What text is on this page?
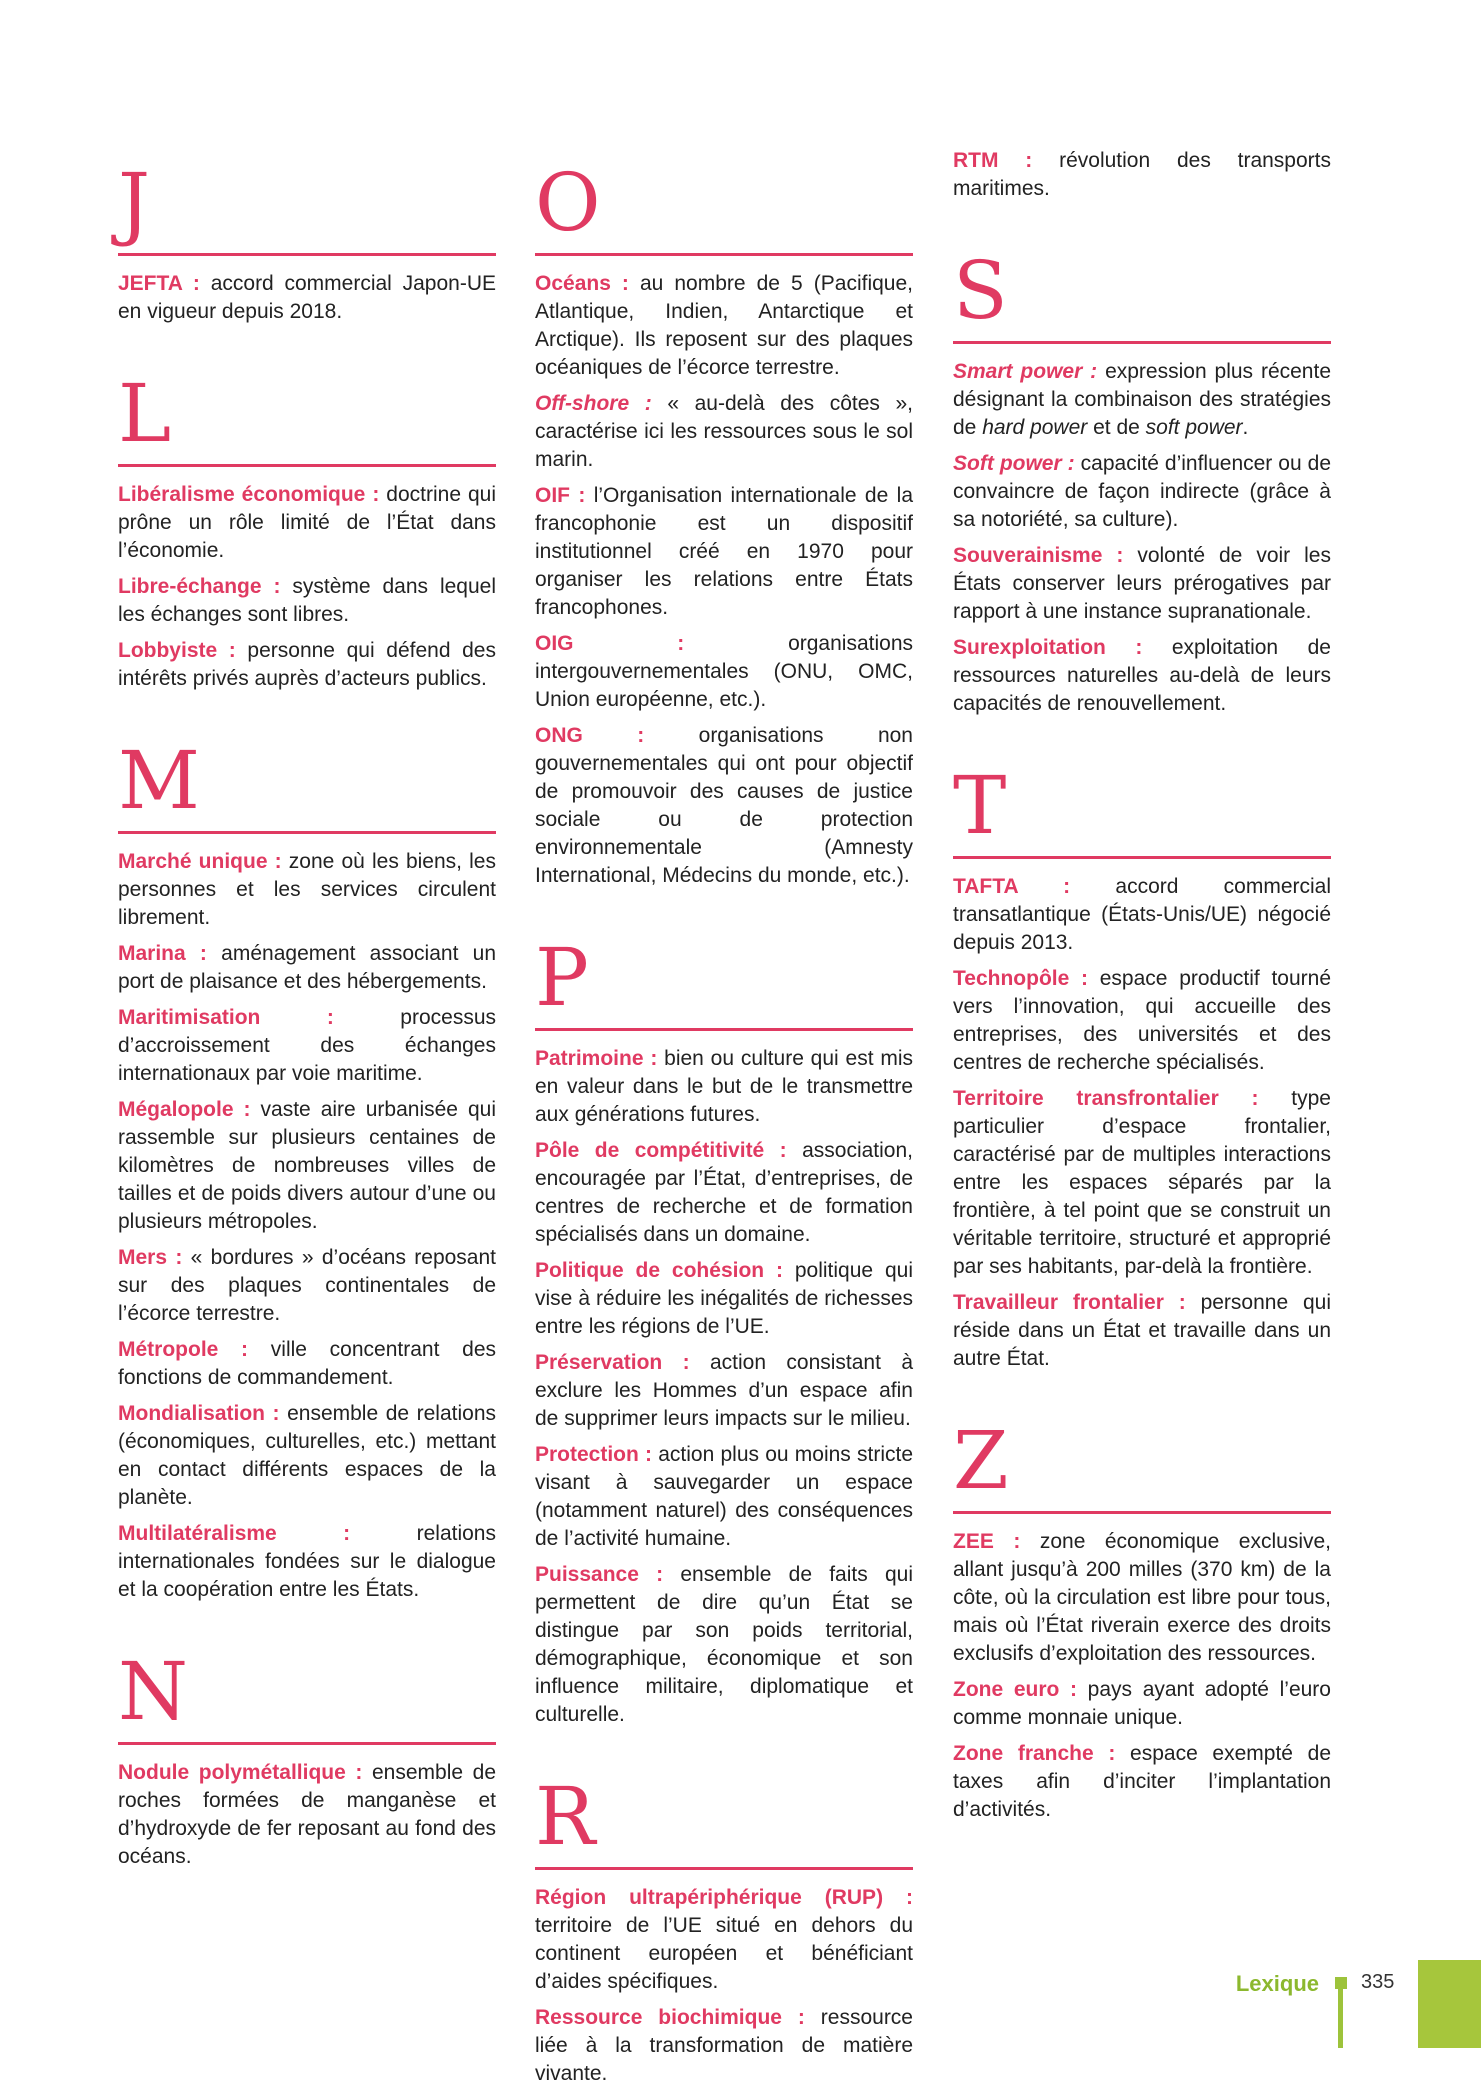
J

JEFTA : accord commercial Japon-UE en vigueur depuis 2018.

L

Libéralisme économique : doctrine qui prône un rôle limité de l’État dans l’économie.

Libre-échange : système dans lequel les échanges sont libres.

Lobbyiste : personne qui défend des intérêts privés auprès d’acteurs publics.

M

Marché unique : zone où les biens, les personnes et les services circulent librement.

Marina : aménagement associant un port de plaisance et des hébergements.

Maritimisation : processus d’accroissement des échanges internationaux par voie maritime.

Mégalopole : vaste aire urbanisée qui rassemble sur plusieurs centaines de kilomètres de nombreuses villes de tailles et de poids divers autour d’une ou plusieurs métropoles.

Mers : « bordures » d’océans reposant sur des plaques continentales de l’écorce terrestre.

Métropole : ville concentrant des fonctions de commandement.

Mondialisation : ensemble de relations (économiques, culturelles, etc.) mettant en contact différents espaces de la planète.

Multilatéralisme : relations internationales fondées sur le dialogue et la coopération entre les États.

N

Nodule polymétallique : ensemble de roches formées de manganèse et d’hydroxyde de fer reposant au fond des océans.

O

Océans : au nombre de 5 (Pacifique, Atlantique, Indien, Antarctique et Arctique). Ils reposent sur des plaques océaniques de l’écorce terrestre.

Off-shore : « au-delà des côtes », caractérise ici les ressources sous le sol marin.

OIF : l’Organisation internationale de la francophonie est un dispositif institutionnel créé en 1970 pour organiser les relations entre États francophones.

OIG : organisations intergouvernementales (ONU, OMC, Union européenne, etc.).

ONG : organisations non gouvernementales qui ont pour objectif de promouvoir des causes de justice sociale ou de protection environnementale (Amnesty International, Médecins du monde, etc.).

P

Patrimoine : bien ou culture qui est mis en valeur dans le but de le transmettre aux générations futures.

Pôle de compétitivité : association, encouragée par l’État, d’entreprises, de centres de recherche et de formation spécialisés dans un domaine.

Politique de cohésion : politique qui vise à réduire les inégalités de richesses entre les régions de l’UE.

Préservation : action consistant à exclure les Hommes d’un espace afin de supprimer leurs impacts sur le milieu.

Protection : action plus ou moins stricte visant à sauvegarder un espace (notamment naturel) des conséquences de l’activité humaine.

Puissance : ensemble de faits qui permettent de dire qu’un État se distingue par son poids territorial, démographique, économique et son influence militaire, diplomatique et culturelle.

R

Région ultrapériphérique (RUP) : territoire de l’UE situé en dehors du continent européen et bénéficiant d’aides spécifiques.

Ressource biochimique : ressource liée à la transformation de matière vivante.

RTM : révolution des transports maritimes.

S

Smart power : expression plus récente désignant la combinaison des stratégies de hard power et de soft power.

Soft power : capacité d’influencer ou de convaincre de façon indirecte (grâce à sa notoriété, sa culture).

Souverainisme : volonté de voir les États conserver leurs prérogatives par rapport à une instance supranationale.

Surexploitation : exploitation de ressources naturelles au-delà de leurs capacités de renouvellement.

T

TAFTA : accord commercial transatlantique (États-Unis/UE) négocié depuis 2013.

Technopôle : espace productif tourné vers l’innovation, qui accueille des entreprises, des universités et des centres de recherche spécialisés.

Territoire transfrontalier : type particulier d’espace frontalier, caractérisé par de multiples interactions entre les espaces séparés par la frontière, à tel point que se construit un véritable territoire, structuré et approprié par ses habitants, par-delà la frontière.

Travailleur frontalier : personne qui réside dans un État et travaille dans un autre État.

Z

ZEE : zone économique exclusive, allant jusqu’à 200 milles (370 km) de la côte, où la circulation est libre pour tous, mais où l’État riverain exerce des droits exclusifs d’exploitation des ressources.

Zone euro : pays ayant adopté l’euro comme monnaie unique.

Zone franche : espace exempté de taxes afin d’inciter l’implantation d’activités.

Lexique 335
